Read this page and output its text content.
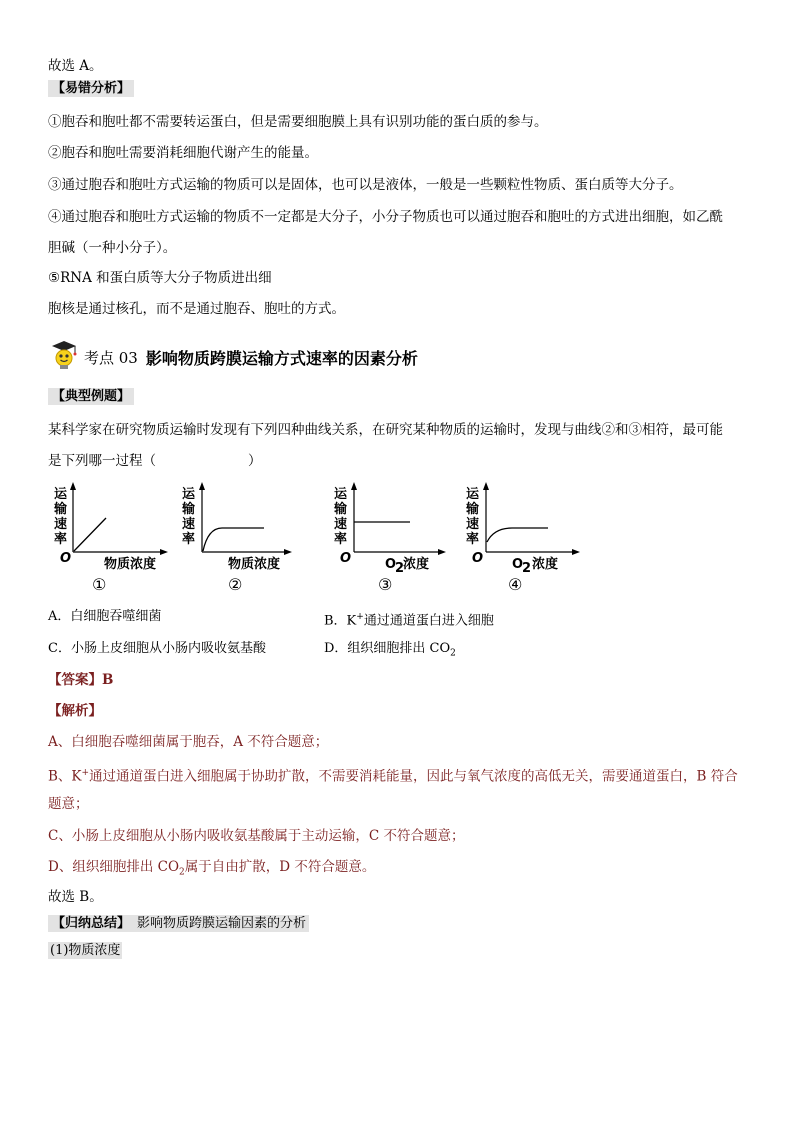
故选 A。
【易错分析】
①胞吞和胞吐都不需要转运蛋白，但是需要细胞膜上具有识别功能的蛋白质的参与。
②胞吞和胞吐需要消耗细胞代谢产生的能量。
③通过胞吞和胞吐方式运输的物质可以是固体，也可以是液体，一般是一些颗粒性物质、蛋白质等大分子。
④通过胞吞和胞吐方式运输的物质不一定都是大分子，小分子物质也可以通过胞吞和胞吐的方式进出细胞，如乙酰
胆碱（一种小分子）。
⑤RNA 和蛋白质等大分子物质进出细
胞核是通过核孔，而不是通过胞吞、胞吐的方式。
考点 03 影响物质跨膜运输方式速率的因素分析
【典型例题】
某科学家在研究物质运输时发现有下列四种曲线关系，在研究某种物质的运输时，发现与曲线②和③相符，最可能
是下列哪一过程（	）
运
输
速
率
O	物质浓度
①
运
输
速
率
物质浓度
②
运
输
速
率
O	O
2
浓度
③
运
输
速
率
O O
2 浓度
④
A．白细胞吞噬细菌	B．K+通过通道蛋白进入细胞
C．小肠上皮细胞从小肠内吸收氨基酸	D．组织细胞排出 $CO_2$
【答案】B
【解析】
A、白细胞吞噬细菌属于胞吞，A 不符合题意；
B、K+通过通道蛋白进入细胞属于协助扩散，不需要消耗能量，因此与氧气浓度的高低无关，需要通道蛋白，B 符合
题意；
C、小肠上皮细胞从小肠内吸收氨基酸属于主动运输，C 不符合题意；
D、组织细胞排出 $CO_2$属于自由扩散，D 不符合题意。
故选 B。
【归纳总结】 影响物质跨膜运输因素的分析
(1)物质浓度
